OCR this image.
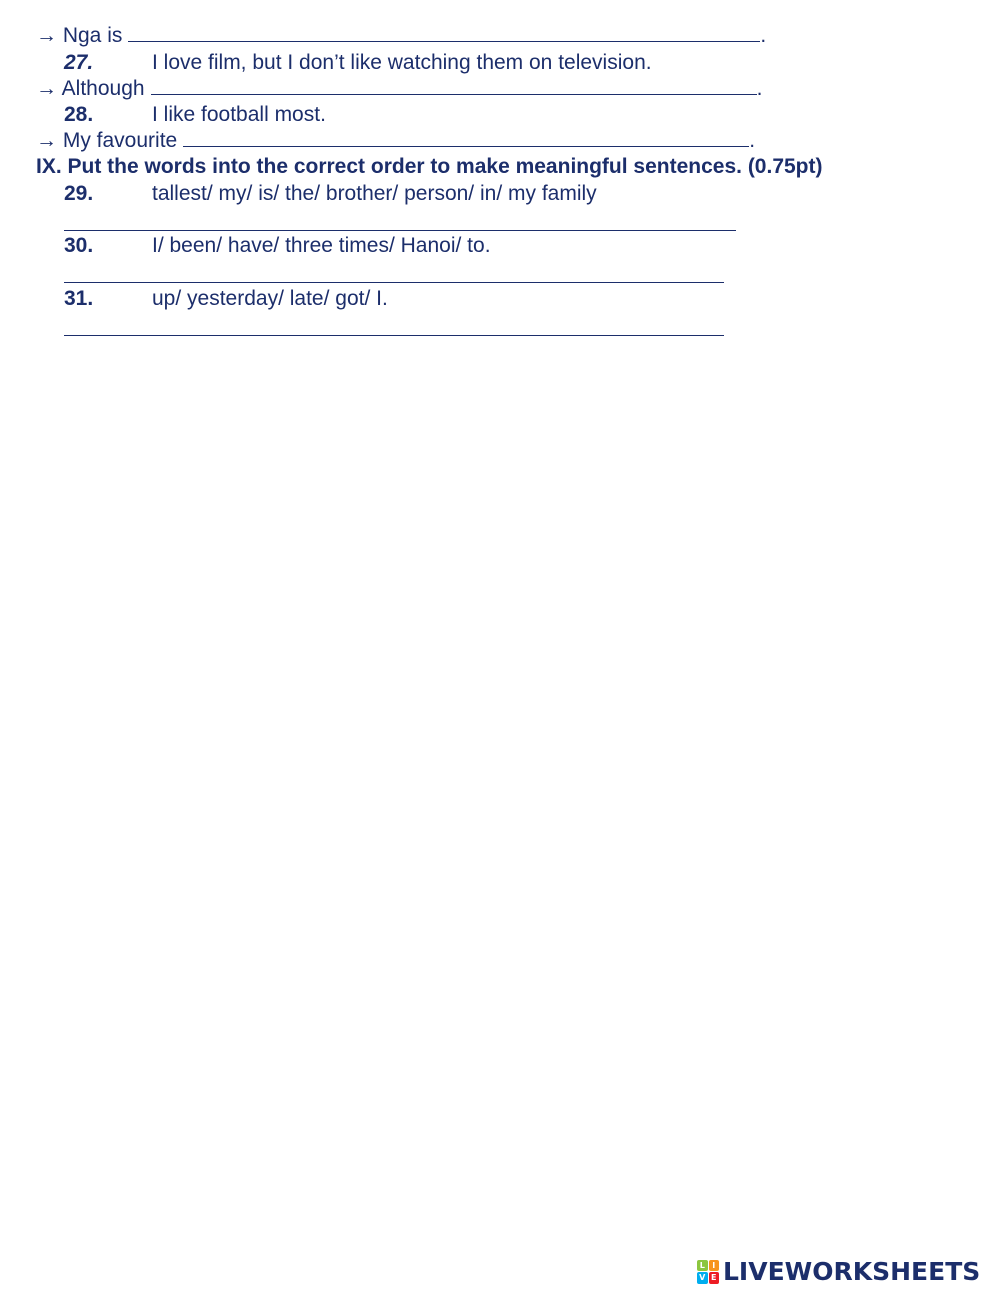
→ Nga is	.
27.	I love film, but I don’t like watching them on television.
→ Although	.
28.	I like football most.
→ My favourite	.
IX. Put the words into the correct order to make meaningful sentences. (0.75pt)
29.	tallest/ my/ is/ the/ brother/ person/ in/ my family
30.	I/ been/ have/ three times/ Hanoi/ to.
31.	up/ yesterday/ late/ got/ I.
L I
V E LIVEWORKSHEETS
